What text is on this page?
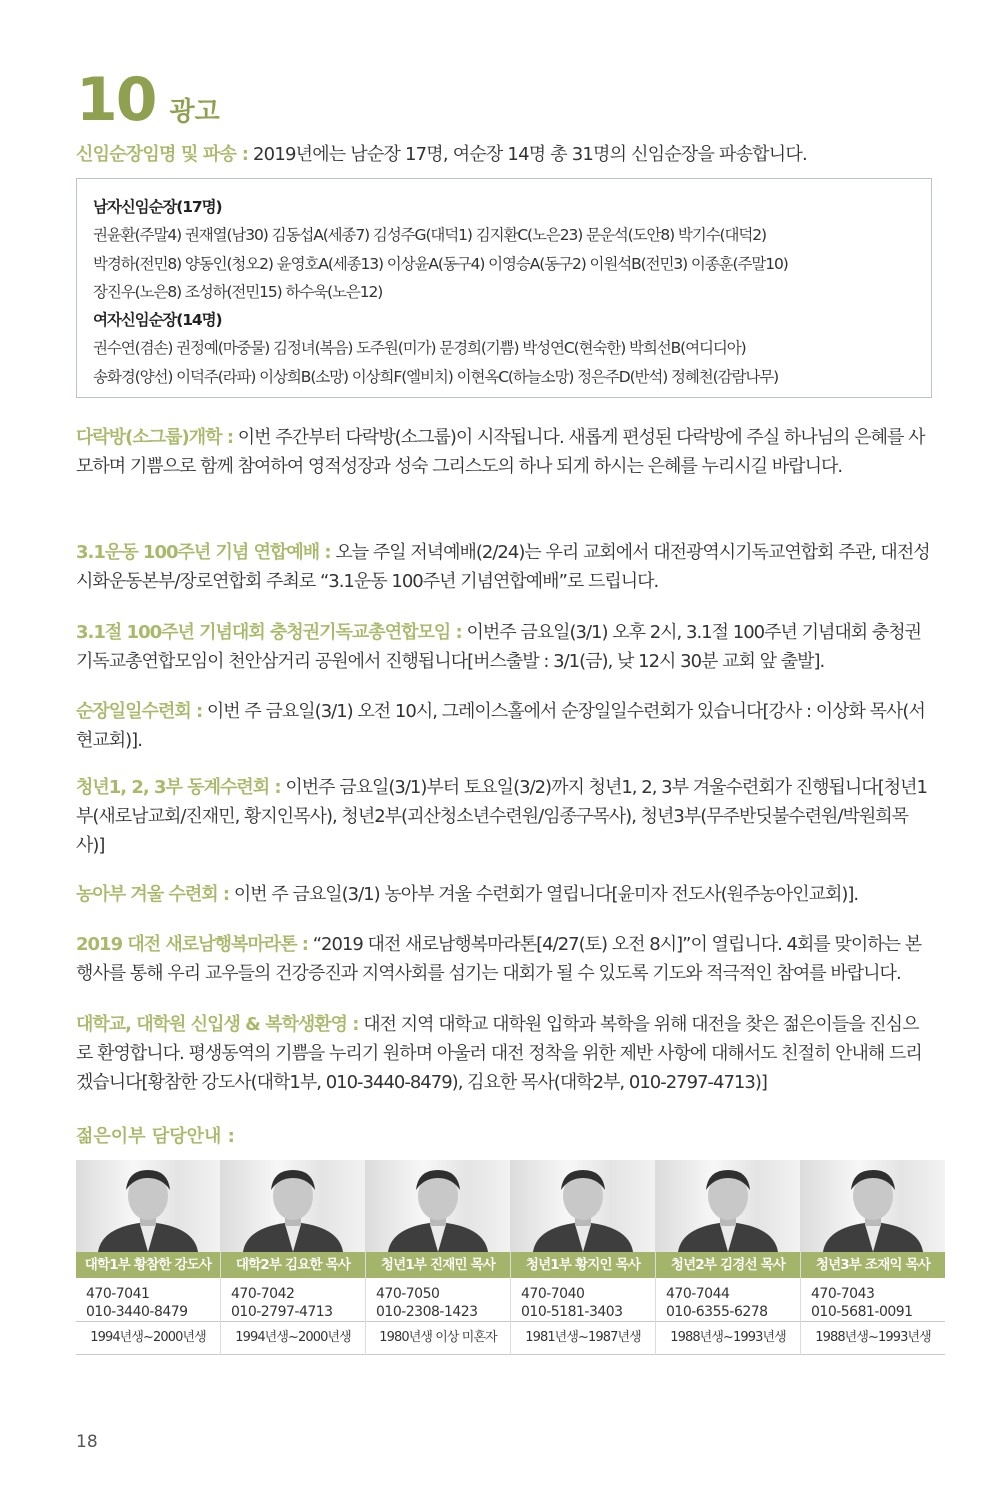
10 광고
신임순장임명 및 파송 : 2019년에는 남순장 17명, 여순장 14명 총 31명의 신임순장을 파송합니다.
남자신임순장(17명)
권윤환(주말4) 권재열(남30) 김동섭A(세종7) 김성주G(대덕1) 김지환C(노은23) 문운석(도안8) 박기수(대덕2)
박경하(전민8) 양동인(청오2) 윤영호A(세종13) 이상윤A(동구4) 이영승A(동구2) 이원석B(전민3) 이종훈(주말10)
장진우(노은8) 조성하(전민15) 하수욱(노은12)
여자신임순장(14명)
권수연(겸손) 권정예(마중물) 김정녀(복음) 도주원(미가) 문경희(기쁨) 박성연C(현숙한) 박희선B(여디디아)
송화경(양선) 이덕주(라파) 이상희B(소망) 이상희F(엘비치) 이현옥C(하늘소망) 정은주D(반석) 정혜천(감람나무)
다락방(소그룹)개학 : 이번 주간부터 다락방(소그룹)이 시작됩니다. 새롭게 편성된 다락방에 주실 하나님의 은혜를 사모하며 기쁨으로 함께 참여하여 영적성장과 성숙 그리스도의 하나 되게 하시는 은혜를 누리시길 바랍니다.
3.1운동 100주년 기념 연합예배 : 오늘 주일 저녁예배(2/24)는 우리 교회에서 대전광역시기독교연합회 주관, 대전성시화운동본부/장로연합회 주최로 “3.1운동 100주년 기념연합예배”로 드립니다.
3.1절 100주년 기념대회 충청권기독교총연합모임 : 이번주 금요일(3/1) 오후 2시, 3.1절 100주년 기념대회 충청권기독교총연합모임이 천안삼거리 공원에서 진행됩니다[버스출발 : 3/1(금), 낮 12시 30분 교회 앞 출발].
순장일일수련회 : 이번 주 금요일(3/1) 오전 10시, 그레이스홀에서 순장일일수련회가 있습니다[강사 : 이상화 목사(서현교회)].
청년1, 2, 3부 동계수련회 : 이번주 금요일(3/1)부터 토요일(3/2)까지 청년1, 2, 3부 겨울수련회가 진행됩니다[청년1부(새로남교회/진재민, 황지인목사), 청년2부(괴산청소년수련원/임종구목사), 청년3부(무주반딧불수련원/박원희목사)]
농아부 겨울 수련회 : 이번 주 금요일(3/1) 농아부 겨울 수련회가 열립니다[윤미자 전도사(원주농아인교회)].
2019 대전 새로남행복마라톤 : “2019 대전 새로남행복마라톤[4/27(토) 오전 8시]”이 열립니다. 4회를 맞이하는 본 행사를 통해 우리 교우들의 건강증진과 지역사회를 섬기는 대회가 될 수 있도록 기도와 적극적인 참여를 바랍니다.
대학교, 대학원 신입생 & 복학생환영 : 대전 지역 대학교 대학원 입학과 복학을 위해 대전을 찾은 젊은이들을 진심으로 환영합니다. 평생동역의 기쁨을 누리기 원하며 아울러 대전 정착을 위한 제반 사항에 대해서도 친절히 안내해 드리겠습니다[황참한 강도사(대학1부, 010-3440-8479), 김요한 목사(대학2부, 010-2797-4713)]
젊은이부 담당안내 :
대학1부 황참한 강도사
470-7041
010-3440-8479
1994년생~2000년생
대학2부 김요한 목사
470-7042
010-2797-4713
1994년생~2000년생
청년1부 진재민 목사
470-7050
010-2308-1423
1980년생 이상 미혼자
청년1부 황지인 목사
470-7040
010-5181-3403
1981년생~1987년생
청년2부 김경선 목사
470-7044
010-6355-6278
1988년생~1993년생
청년3부 조재익 목사
470-7043
010-5681-0091
1988년생~1993년생
18
